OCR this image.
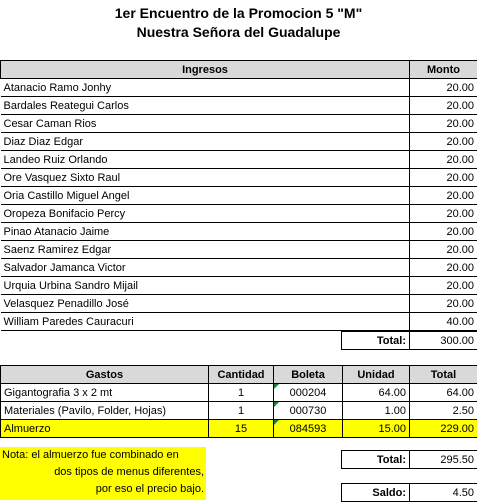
1er Encuentro de la Promocion 5 "M"
Nuestra Señora del Guadalupe
Ingresos	Monto
Atanacio Ramo Jonhy	20.00
Bardales Reategui Carlos	20.00
Cesar Caman Rios	20.00
Diaz Diaz Edgar	20.00
Landeo Ruiz Orlando	20.00
Ore Vasquez Sixto Raul	20.00
Oria Castillo Miguel Angel	20.00
Oropeza Bonifacio Percy	20.00
Pinao Atanacio Jaime	20.00
Saenz Ramirez Edgar	20.00
Salvador Jamanca Victor	20.00
Urquia Urbina Sandro Mijail	20.00
Velasquez Penadillo José	20.00
William Paredes Cauracuri	40.00
Total:	300.00
Gastos	Cantidad	Boleta	Unidad	Total
Gigantografia 3 x 2 mt	1	000204	64.00	64.00
Materiales (Pavilo, Folder, Hojas)	1	000730	1.00	2.50
Almuerzo	15	084593	15.00	229.00
Total:	295.50
Saldo:	4.50
Nota: el almuerzo fue combinado en
dos tipos de menus diferentes,
por eso el precio bajo.
